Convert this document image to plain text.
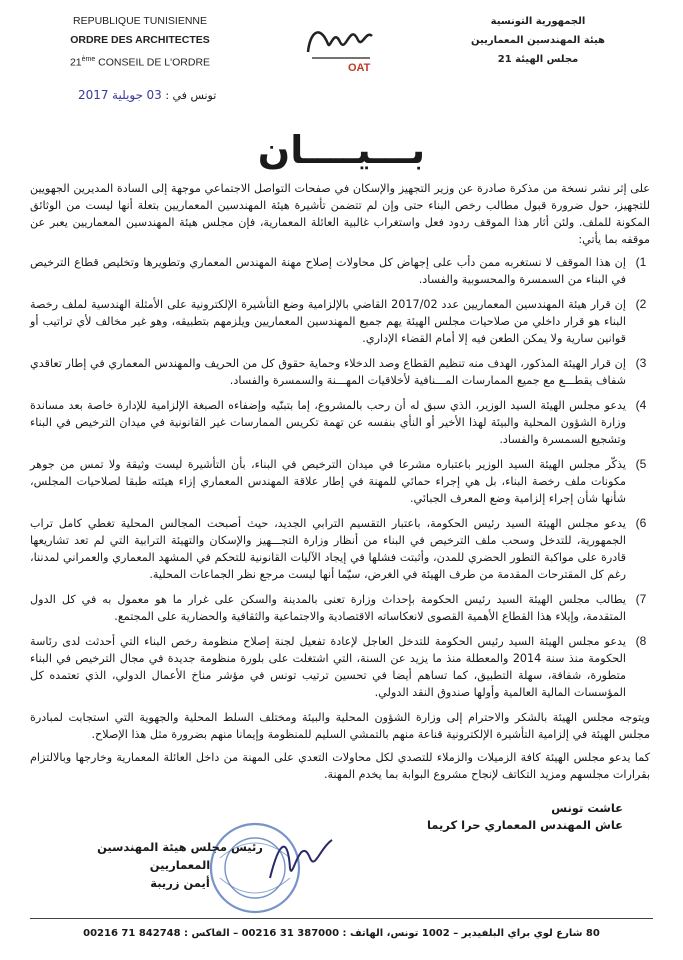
REPUBLIQUE TUNISIENNE
ORDRE DES ARCHITECTES
21ème CONSEIL DE L'ORDRE	OAT
الجمهورية التونسية
هيئة المهندسين المعماريين
مجلس الهيئة 21
تونس في : 03 جويلية 2017
بـــيــــان

على إثر نشر نسخة من مذكرة صادرة عن وزير التجهيز والإسكان في صفحات التواصل الاجتماعي موجهة إلى السادة المديرين الجهويين للتجهيز، حول ضرورة قبول مطالب رخص البناء حتى وإن لم تتضمن تأشيرة هيئة المهندسين المعماريين بتعلة أنها ليست من الوثائق المكونة للملف. ولئن أثار هذا الموقف ردود فعل واستغراب غالبية العائلة المعمارية، فإن مجلس هيئة المهندسين المعماريين يعبر عن موقفه بما يأتي:

1)
إن هذا الموقف لا نستغربه ممن دأب على إجهاض كل محاولات إصلاح مهنة المهندس المعماري وتطويرها وتخليص قطاع الترخيص في البناء من السمسرة والمحسوبية والفساد.
2)
إن قرار هيئة المهندسين المعماريين عدد 2017/02 القاضي بالإلزامية وضع التأشيرة الإلكترونية على الأمثلة الهندسية لملف رخصة البناء هو قرار داخلي من صلاحيات مجلس الهيئة يهم جميع المهندسين المعماريين ويلزمهم بتطبيقه، وهو غير مخالف لأي تراتيب أو قوانين سارية ولا يمكن الطعن فيه إلا أمام القضاء الإداري.
3)
إن قرار الهيئة المذكور، الهدف منه تنظيم القطاع وصد الدخلاء وحماية حقوق كل من الحريف والمهندس المعماري في إطار تعاقدي شفاف يقطـــع مع جميع الممارسات المـــنافية لأخلاقيات المهـــنة والسمسرة والفساد.
4)
يدعو مجلس الهيئة السيد الوزير، الذي سبق له أن رحب بالمشروع، إما بتبنّيه وإضفاءه الصبغة الإلزامية للإدارة خاصة بعد مساندة وزارة الشؤون المحلية والبيئة لهذا الأخير أو النأي بنفسه عن تهمة تكريس الممارسات غير القانونية في ميدان الترخيص في البناء وتشجيع السمسرة والفساد.
5)
يذكّر مجلس الهيئة السيد الوزير باعتباره مشرعا في ميدان الترخيص في البناء، بأن التأشيرة ليست وثيقة ولا تمس من جوهر مكونات ملف رخصة البناء، بل هي إجراء حمائي للمهنة في إطار علاقة المهندس المعماري إزاء هيئته طبقا لصلاحيات المجلس، شأنها شأن إجراء إلزامية وضع المعرف الجبائي.
6)
يدعو مجلس الهيئة السيد رئيس الحكومة، باعتبار التقسيم الترابي الجديد، حيث أصبحت المجالس المحلية تغطي كامل تراب الجمهورية، للتدخل وسحب ملف الترخيص في البناء من أنظار وزارة التجـــهيز والإسكان والتهيئة الترابية التي لم تعد تشاريعها قادرة على مواكبة التطور الحضري للمدن، وأثبتت فشلها في إيجاد الآليات القانونية للتحكم في المشهد المعماري والعمراني لمدننا، رغم كل المقترحات المقدمة من طرف الهيئة في الغرض، سيّما أنها ليست مرجع نظر الجماعات المحلية.
7)
يطالب مجلس الهيئة السيد رئيس الحكومة بإحداث وزارة تعنى بالمدينة والسكن على غرار ما هو معمول به في كل الدول المتقدمة، وإيلاء هذا القطاع الأهمية القصوى لانعكاساته الاقتصادية والاجتماعية والثقافية والحضارية على المجتمع.
8)
يدعو مجلس الهيئة السيد رئيس الحكومة للتدخل العاجل لإعادة تفعيل لجنة إصلاح منظومة رخص البناء التي أحدثت لدى رئاسة الحكومة منذ سنة 2014 والمعطلة منذ ما يزيد عن السنة، التي اشتغلت على بلورة منظومة جديدة في مجال الترخيص في البناء متطورة، شفافة، سهلة التطبيق، كما تساهم أيضا في تحسين ترتيب تونس في مؤشر مناخ الأعمال الدولي، الذي تعتمده كل المؤسسات المالية العالمية وأولها صندوق النقد الدولي.

ويتوجه مجلس الهيئة بالشكر والاحترام إلى وزارة الشؤون المحلية والبيئة ومختلف السلط المحلية والجهوية التي استجابت لمبادرة مجلس الهيئة في إلزامية التأشيرة الإلكترونية قناعة منهم بالتمشي السليم للمنظومة وإيمانا منهم بضرورة مثل هذا الإصلاح.

كما يدعو مجلس الهيئة كافة الزميلات والزملاء للتصدي لكل محاولات التعدي على المهنة من داخل العائلة المعمارية وخارجها وبالالتزام بقرارات مجلسهم ومزيد التكاتف لإنجاح مشروع البوابة بما يخدم المهنة.

عاشت تونس
عاش المهندس المعماري حرا كريما
رئيس مجلس هيئة المهندسين المعماريين
أيمن زريبة
80 شارع لوي براي البلفيدير – 1002 تونس، الهاتف : 387000 31 00216 – الفاكس : 842748 71 00216
